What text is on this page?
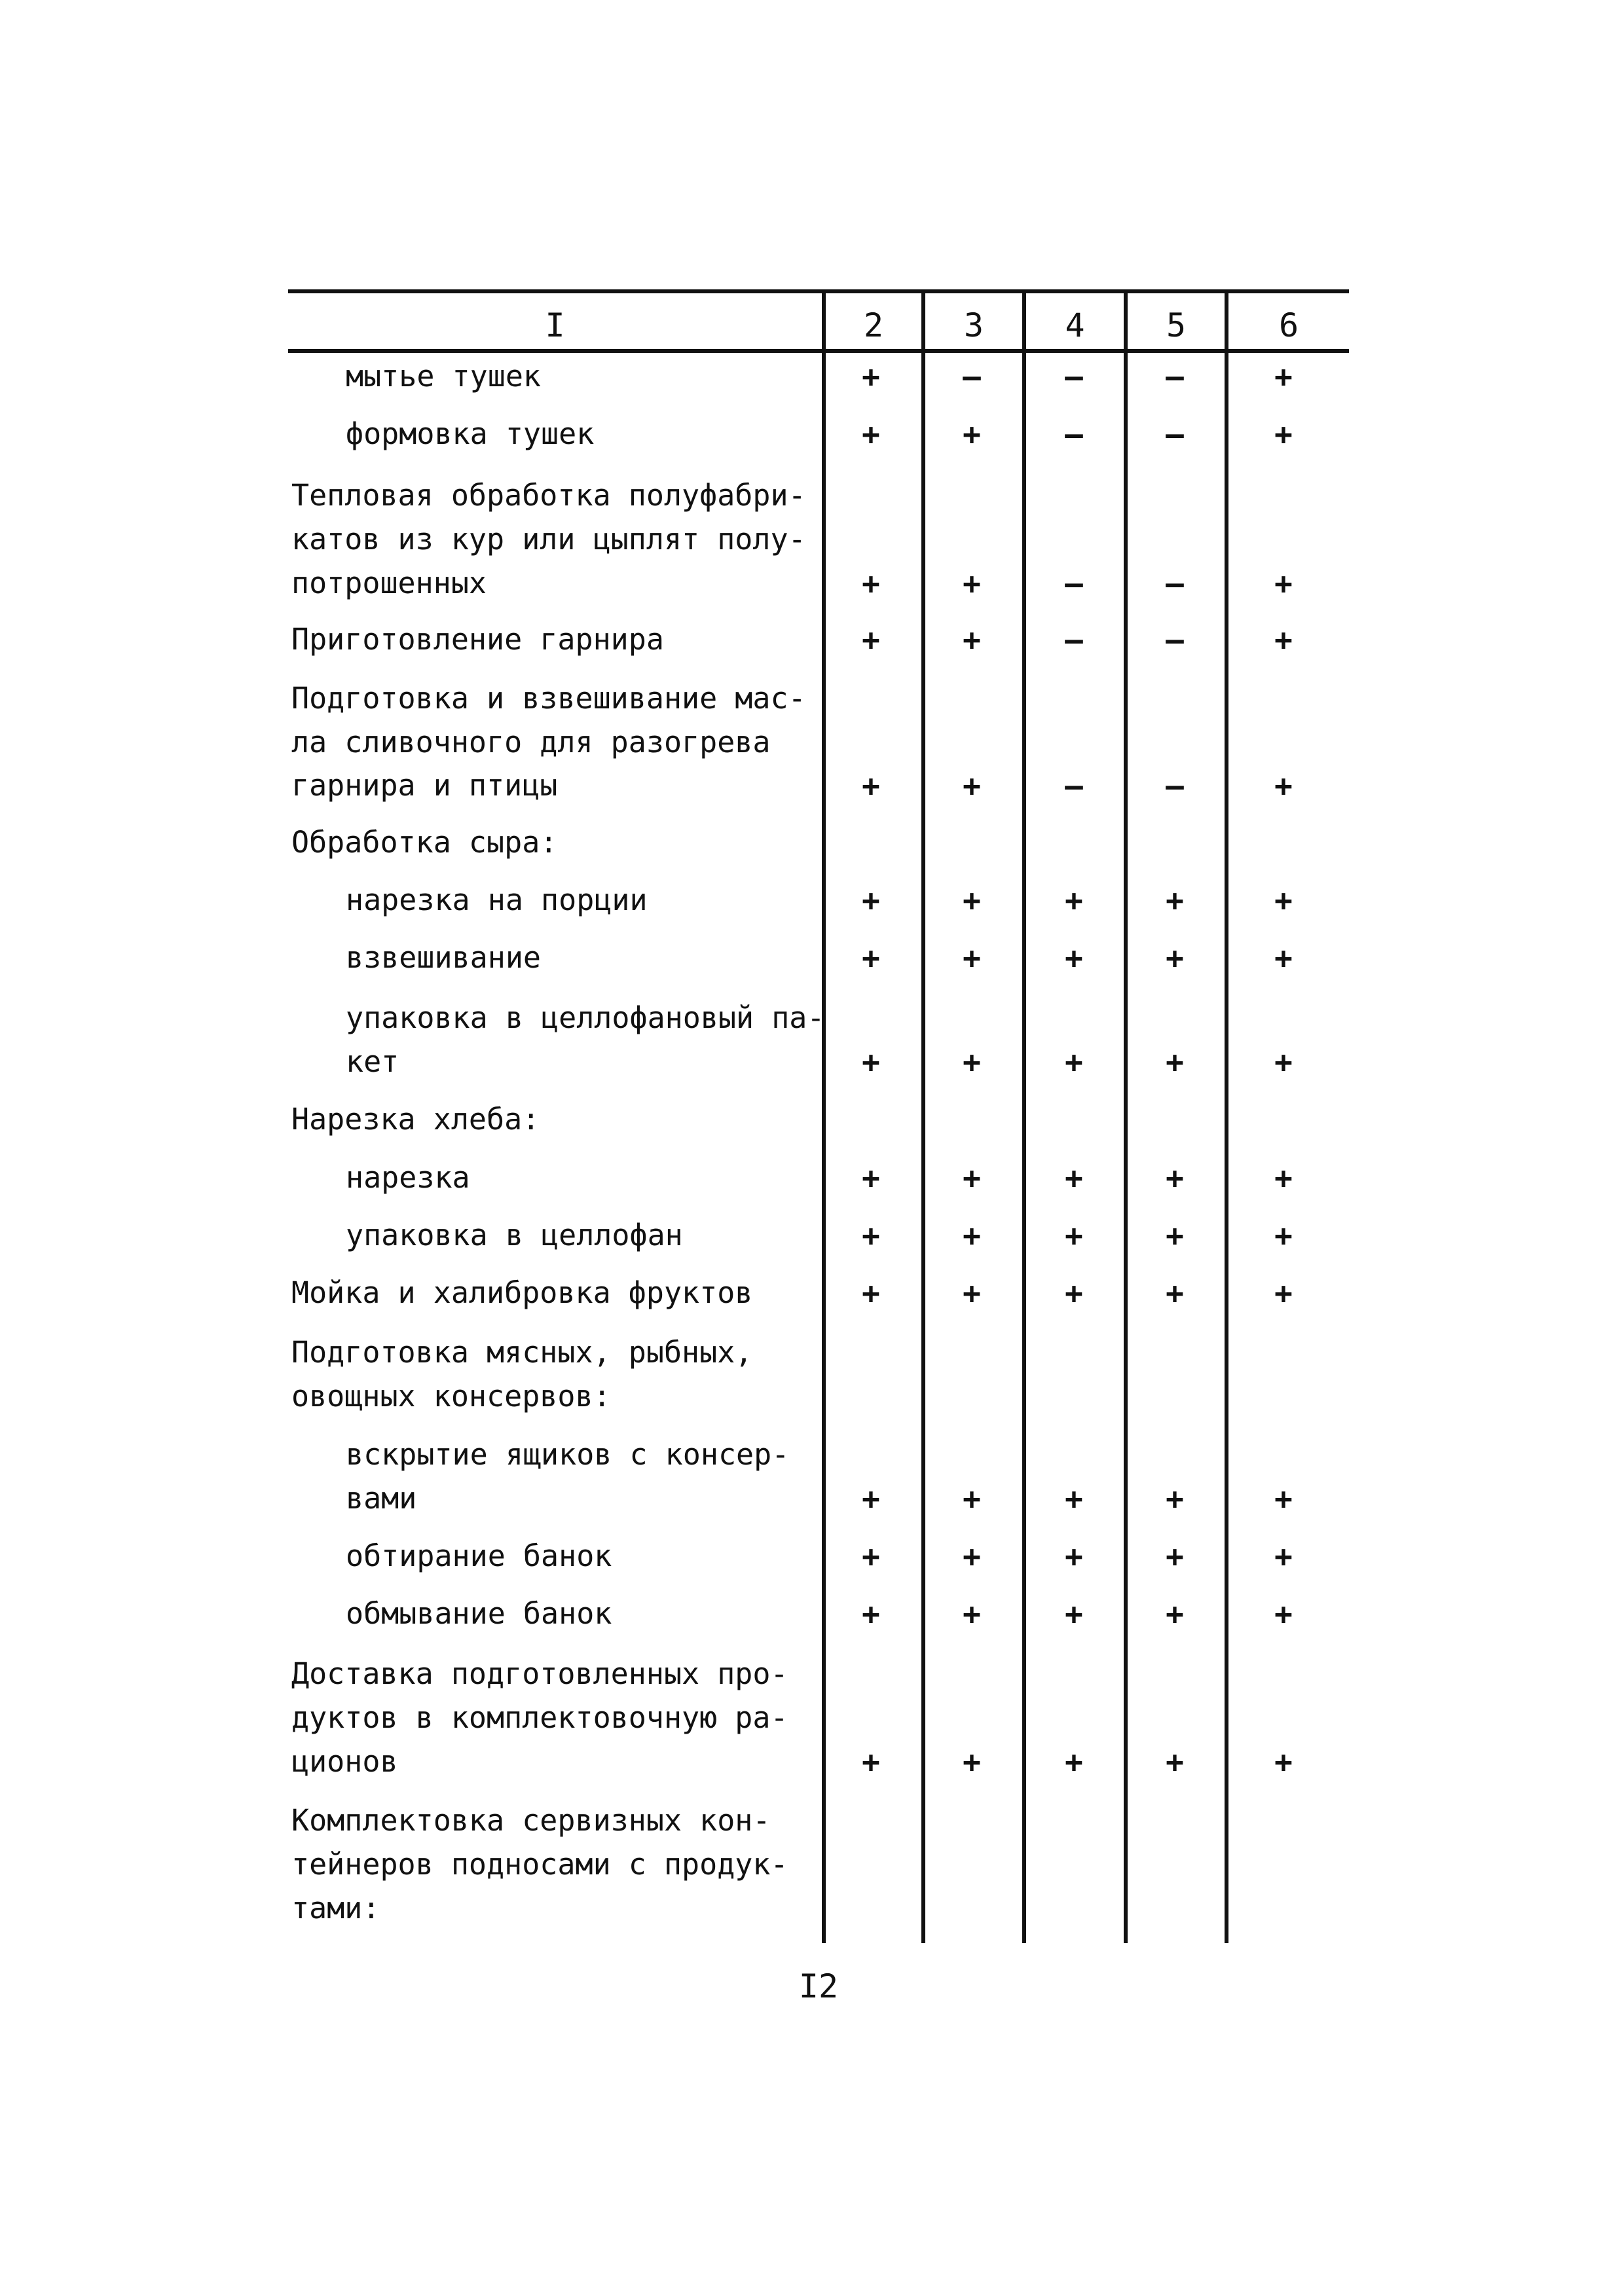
I	2	3	4	5	6
мытье тушек	+	–	–	–	+
формовка тушек	+	+	–	–	+
Тепловая обработка полуфабри-
катов из кур или цыплят полу-
потрошенных	+	+	–	–	+
Приготовление гарнира	+	+	–	–	+
Подготовка и взвешивание мас-
ла сливочного для разогрева
гарнира и птицы	+	+	–	–	+
Обработка сыра:
нарезка на порции	+	+	+	+	+
взвешивание	+	+	+	+	+
упаковка в целлофановый па-
кет	+	+	+	+	+
Нарезка хлеба:
нарезка	+	+	+	+	+
упаковка в целлофан	+	+	+	+	+
Мойка и халибровка фруктов	+	+	+	+	+
Подготовка мясных, рыбных,
овощных консервов:
вскрытие ящиков с консер-
вами	+	+	+	+	+
обтирание банок	+	+	+	+	+
обмывание банок	+	+	+	+	+
Доставка подготовленных про-
дуктов в комплектовочную ра-
ционов	+	+	+	+	+
Комплектовка сервизных кон-
тейнеров подносами с продук-
тами:
I2
